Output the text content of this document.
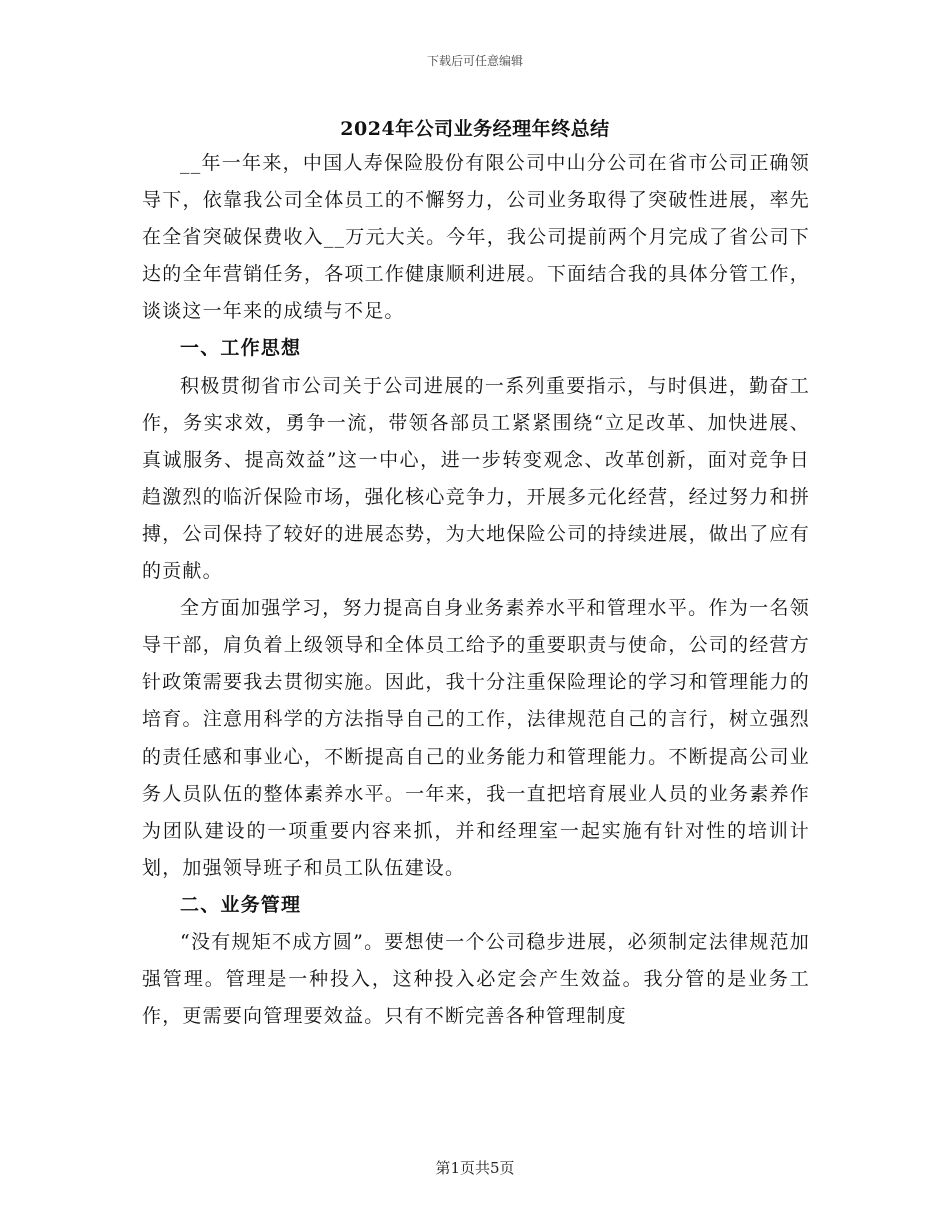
下载后可任意编辑
2024年公司业务经理年终总结

__年一年来，中国人寿保险股份有限公司中山分公司在省市公司正确领导下，依靠我公司全体员工的不懈努力，公司业务取得了突破性进展，率先在全省突破保费收入__万元大关。今年，我公司提前两个月完成了省公司下达的全年营销任务，各项工作健康顺利进展。下面结合我的具体分管工作，谈谈这一年来的成绩与不足。

一、工作思想

积极贯彻省市公司关于公司进展的一系列重要指示，与时俱进，勤奋工作，务实求效，勇争一流，带领各部员工紧紧围绕“立足改革、加快进展、真诚服务、提高效益”这一中心，进一步转变观念、改革创新，面对竞争日趋激烈的临沂保险市场，强化核心竞争力，开展多元化经营，经过努力和拼搏，公司保持了较好的进展态势，为大地保险公司的持续进展，做出了应有的贡献。

全方面加强学习，努力提高自身业务素养水平和管理水平。作为一名领导干部，肩负着上级领导和全体员工给予的重要职责与使命，公司的经营方针政策需要我去贯彻实施。因此，我十分注重保险理论的学习和管理能力的培育。注意用科学的方法指导自己的工作，法律规范自己的言行，树立强烈的责任感和事业心，不断提高自己的业务能力和管理能力。不断提高公司业务人员队伍的整体素养水平。一年来，我一直把培育展业人员的业务素养作为团队建设的一项重要内容来抓，并和经理室一起实施有针对性的培训计划，加强领导班子和员工队伍建设。

二、业务管理

“没有规矩不成方圆”。要想使一个公司稳步进展，必须制定法律规范加强管理。管理是一种投入，这种投入必定会产生效益。我分管的是业务工作，更需要向管理要效益。只有不断完善各种管理制度

第1页共5页
